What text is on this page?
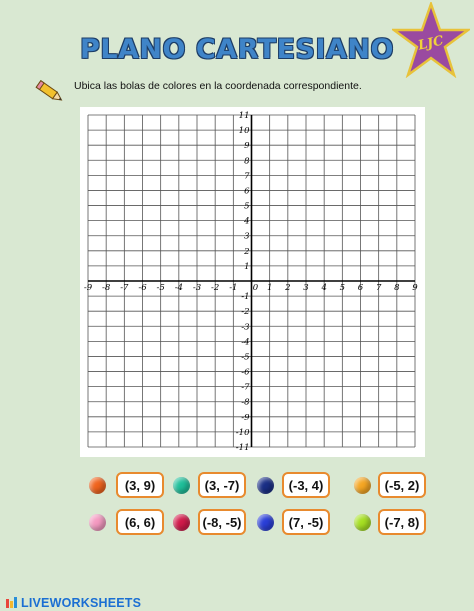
PLANO CARTESIANO	LJC
Ubica las bolas de colores en la coordenada correspondiente.
-9 -8 -7 -6 -5 -4 -3 -2 -1 0 1 2 3 4 5 6 7 8 9
11
10
9
8
7
6
5
4
3
2
1
-1
-2
-3
-4
-5
-6
-7
-8
-9
-10
-11
(3, 9)	(3, -7)	(-3, 4)	(-5, 2)
(6, 6)	(-8, -5)	(7, -5)	(-7, 8)
LIVEWORKSHEETS
